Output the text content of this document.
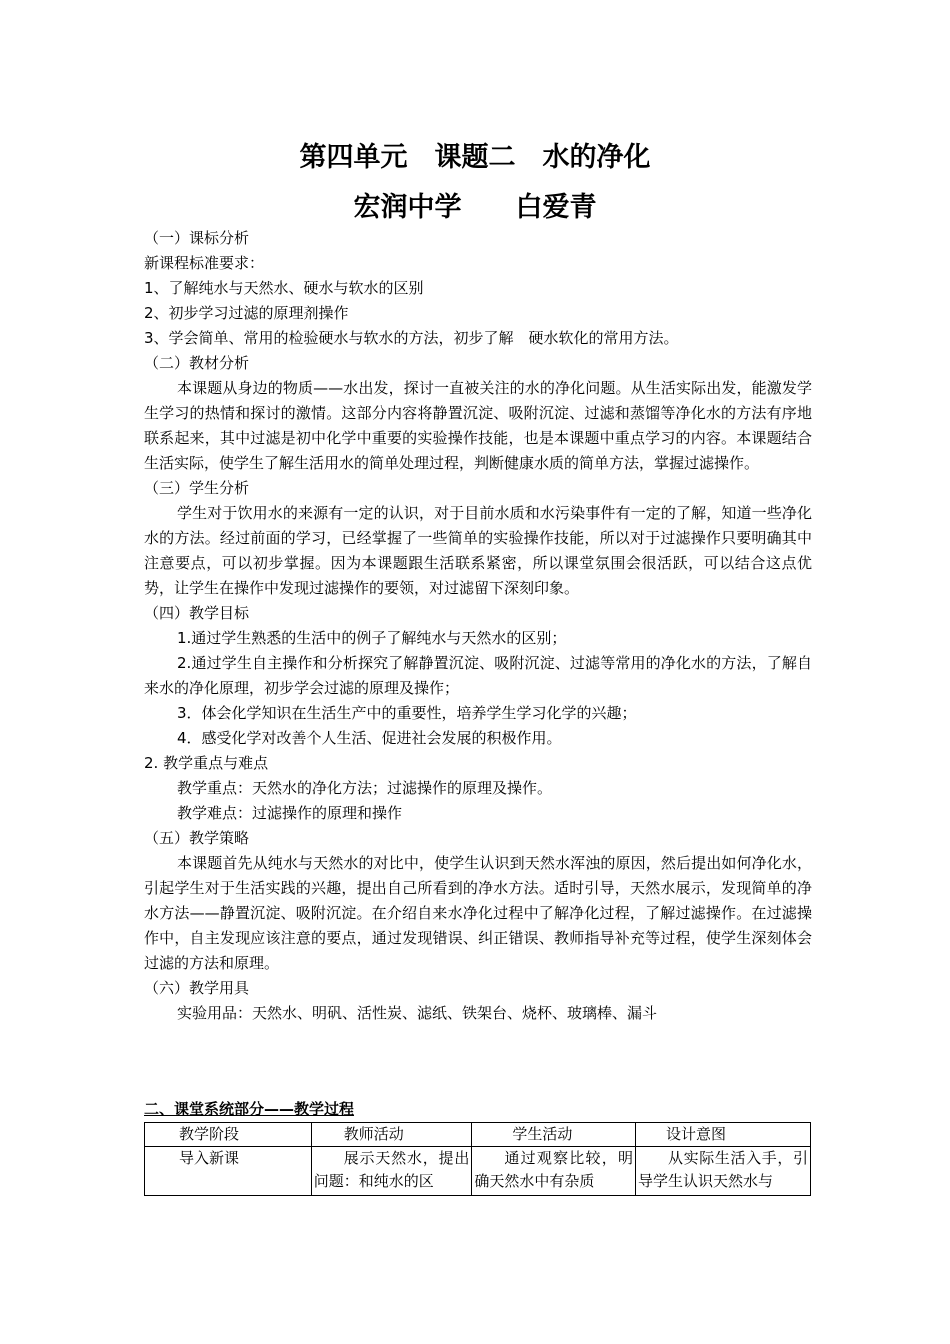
第四单元　课题二　水的净化
宏润中学　　白爱青

（一）课标分析

新课程标准要求：

1、了解纯水与天然水、硬水与软水的区别

2、初步学习过滤的原理剂操作

3、学会简单、常用的检验硬水与软水的方法，初步了解　硬水软化的常用方法。

（二）教材分析

本课题从身边的物质——水出发，探讨一直被关注的水的净化问题。从生活实际出发，能激发学生学习的热情和探讨的激情。这部分内容将静置沉淀、吸附沉淀、过滤和蒸馏等净化水的方法有序地联系起来，其中过滤是初中化学中重要的实验操作技能，也是本课题中重点学习的内容。本课题结合生活实际，使学生了解生活用水的简单处理过程，判断健康水质的简单方法，掌握过滤操作。

（三）学生分析

学生对于饮用水的来源有一定的认识，对于目前水质和水污染事件有一定的了解，知道一些净化水的方法。经过前面的学习，已经掌握了一些简单的实验操作技能，所以对于过滤操作只要明确其中注意要点，可以初步掌握。因为本课题跟生活联系紧密，所以课堂氛围会很活跃，可以结合这点优势，让学生在操作中发现过滤操作的要领，对过滤留下深刻印象。

（四）教学目标

1.通过学生熟悉的生活中的例子了解纯水与天然水的区别；

2.通过学生自主操作和分析探究了解静置沉淀、吸附沉淀、过滤等常用的净化水的方法，了解自来水的净化原理，初步学会过滤的原理及操作；

3．体会化学知识在生活生产中的重要性，培养学生学习化学的兴趣；

4．感受化学对改善个人生活、促进社会发展的积极作用。

2. 教学重点与难点

教学重点：天然水的净化方法；过滤操作的原理及操作。

教学难点：过滤操作的原理和操作

（五）教学策略

本课题首先从纯水与天然水的对比中，使学生认识到天然水浑浊的原因，然后提出如何净化水，引起学生对于生活实践的兴趣，提出自己所看到的净水方法。适时引导，天然水展示，发现简单的净水方法——静置沉淀、吸附沉淀。在介绍自来水净化过程中了解净化过程，了解过滤操作。在过滤操作中，自主发现应该注意的要点，通过发现错误、纠正错误、教师指导补充等过程，使学生深刻体会过滤的方法和原理。

（六）教学用具

实验用品：天然水、明矾、活性炭、滤纸、铁架台、烧杯、玻璃棒、漏斗

二、课堂系统部分——教学过程
教学阶段	教师活动	学生活动	设计意图
导入新课	展示天然水，提出问题：和纯水的区	通过观察比较，明确天然水中有杂质	从实际生活入手，引导学生认识天然水与
